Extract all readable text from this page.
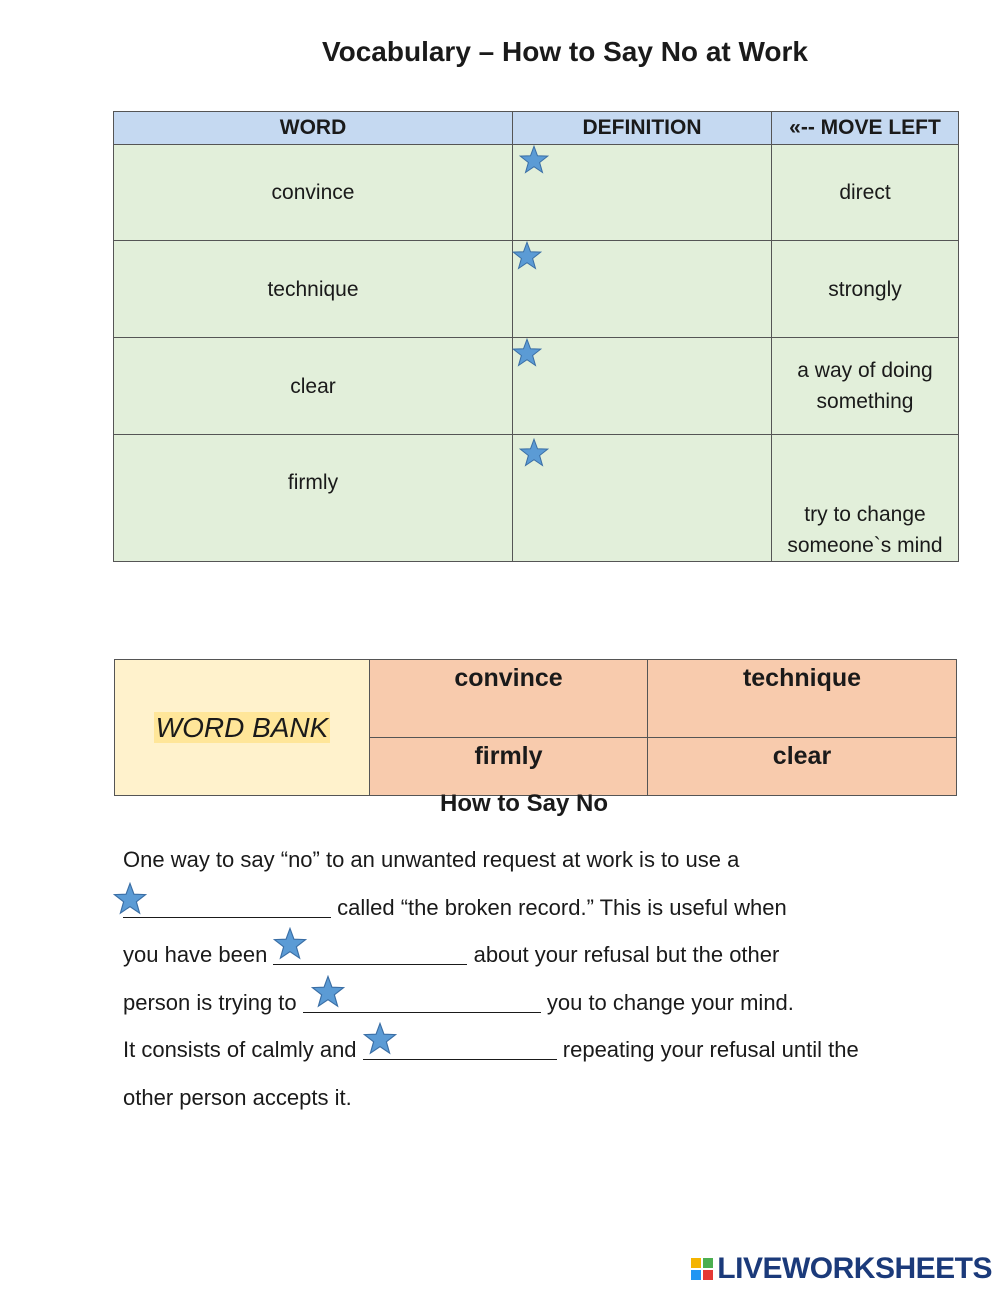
Vocabulary – How to Say No at Work
WORD	DEFINITION	«-- MOVE LEFT
convince		direct
technique		strongly
clear		a way of doing something
firmly		try to change someone`s mind
WORD BANK	convince	technique
	firmly	clear
How to Say No
One way to say “no” to an unwanted request at work is to use a
called “the broken record.” This is useful when
you have been	about your refusal but the other
person is trying to	you to change your mind.
It consists of calmly and	repeating your refusal until the
other person accepts it.
LIVEWORKSHEETS
